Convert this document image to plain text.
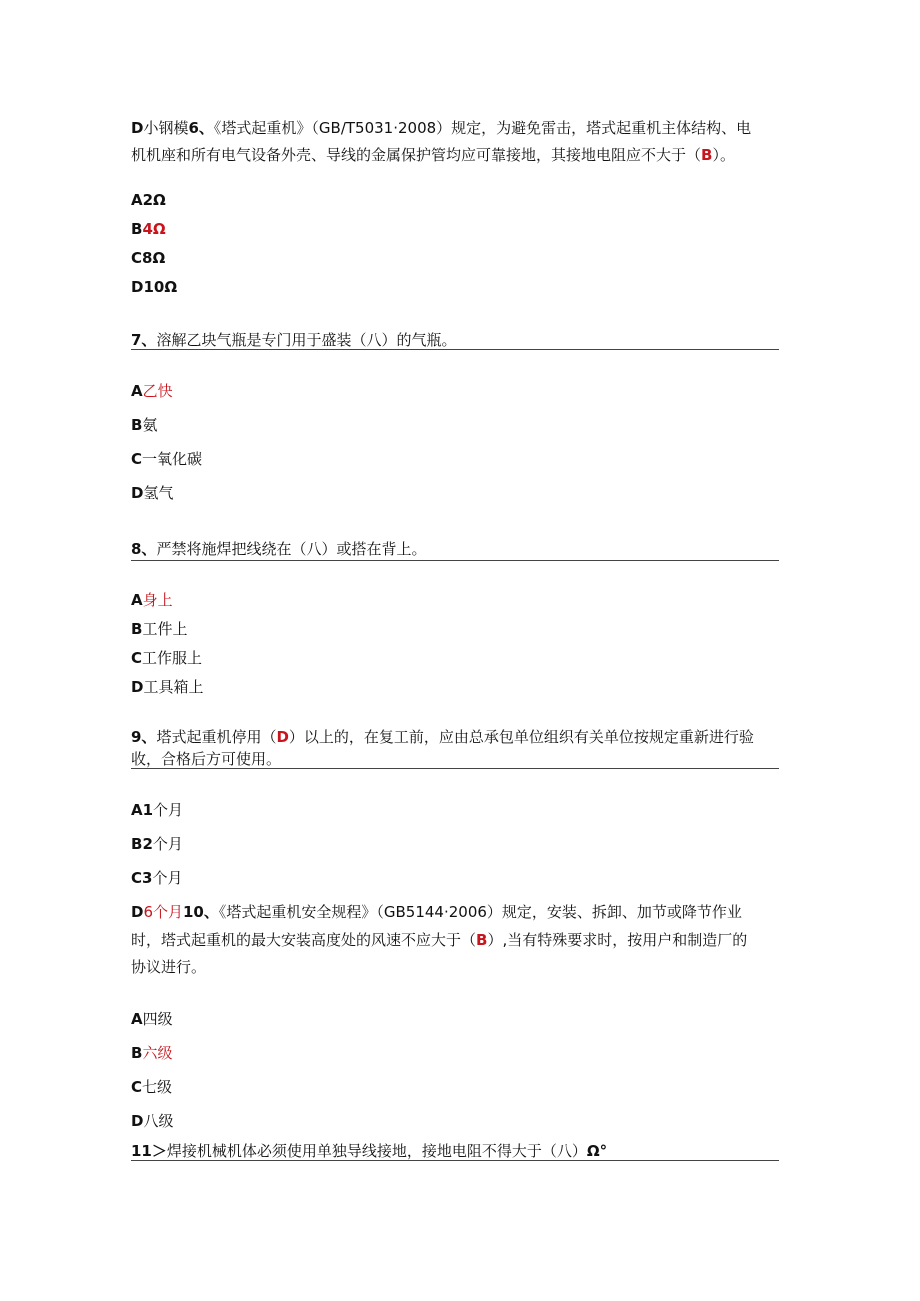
D小钢模6、《塔式起重机》（GB/T5031·2008）规定，为避免雷击，塔式起重机主体结构、电
机机座和所有电气设备外壳、导线的金属保护管均应可靠接地，其接地电阻应不大于（B）。
A2Ω
B4Ω
C8Ω
D10Ω
7、溶解乙块气瓶是专门用于盛装（八）的气瓶。
A乙快
B氨
C一氧化碳
D氢气
8、严禁将施焊把线绕在（八）或搭在背上。
A身上
B工件上
C工作服上
D工具箱上
9、塔式起重机停用（D）以上的，在复工前，应由总承包单位组织有关单位按规定重新进行验
收，合格后方可使用。
A1个月
B2个月
C3个月
D6个月10、《塔式起重机安全规程》（GB5144·2006）规定，安装、拆卸、加节或降节作业
时，塔式起重机的最大安装高度处的风速不应大于（B）,当有特殊要求时，按用户和制造厂的
协议进行。
A四级
B六级
C七级
D八级
11＞焊接机械机体必须使用单独导线接地，接地电阻不得大于（八）Ω°
